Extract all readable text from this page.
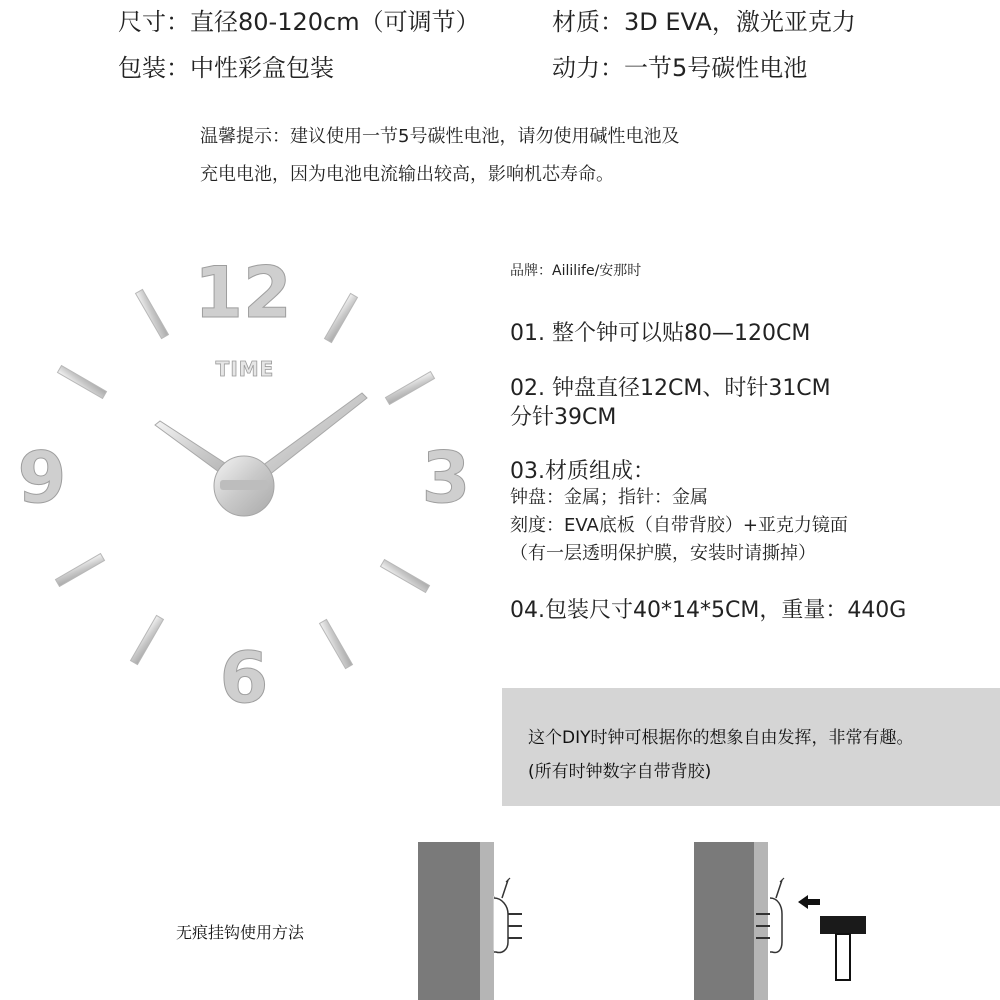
尺寸：直径80-120cm（可调节）	材质：3D EVA，激光亚克力
包装：中性彩盒包装	动力：一节5号碳性电池
温馨提示：建议使用一节5号碳性电池，请勿使用碱性电池及
充电电池，因为电池电流输出较高，影响机芯寿命。
12
3
6
9
TIME
品牌：Aililife/安那时
01. 整个钟可以贴80—120CM
02. 钟盘直径12CM、时针31CM
分针39CM
03.材质组成：
钟盘：金属；指针：金属
刻度：EVA底板（自带背胶）+亚克力镜面
（有一层透明保护膜，安装时请撕掉）
04.包装尺寸40*14*5CM，重量：440G
这个DIY时钟可根据你的想象自由发挥，非常有趣。
(所有时钟数字自带背胶)
无痕挂钩使用方法
